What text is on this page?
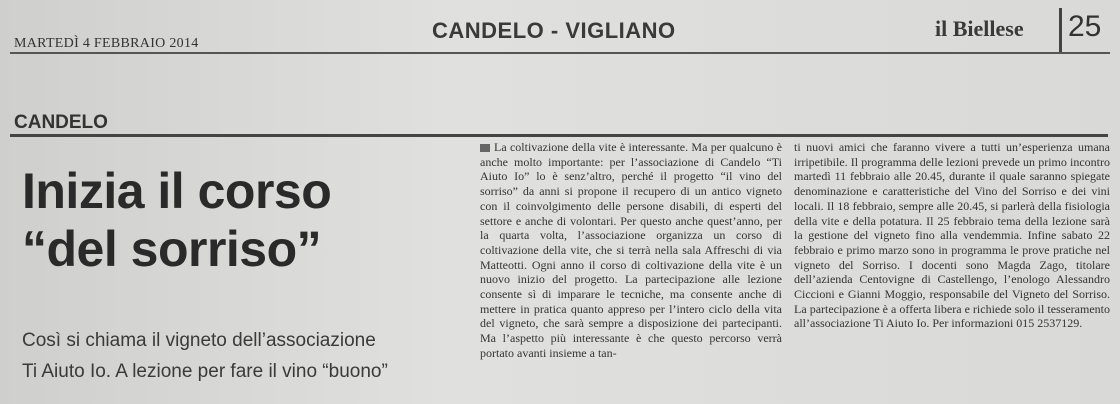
MARTEDÌ 4 FEBBRAIO 2014
CANDELO - VIGLIANO	il Biellese 25
CANDELO
Inizia il corso
“del sorriso”
Così si chiama il vigneto dell’associazione
Ti Aiuto Io. A lezione per fare il vino “buono”
La coltivazione della vite è interessante. Ma per qualcuno è anche molto importante: per l’associazione di Candelo “Ti Aiuto Io” lo è senz’altro, perché il progetto “il vino del sorriso” da anni si propone il recupero di un antico vigneto con il coinvolgimento delle persone disabili, di esperti del settore e anche di volontari. Per questo anche quest’anno, per la quarta volta, l’associazione organizza un corso di coltivazione della vite, che si terrà nella sala Affreschi di via Matteotti. Ogni anno il corso di coltivazione della vite è un nuovo inizio del progetto. La partecipazione alle lezione consente sì di imparare le tecniche, ma consente anche di mettere in pratica quanto appreso per l’intero ciclo della vita del vigneto, che sarà sempre a disposizione dei partecipanti. Ma l’aspetto più interessante è che questo percorso verrà portato avanti insieme a tan-
ti nuovi amici che faranno vivere a tutti un’esperienza umana irripetibile. Il programma delle lezioni prevede un primo incontro martedì 11 febbraio alle 20.45, durante il quale saranno spiegate denominazione e caratteristiche del Vino del Sorriso e dei vini locali. Il 18 febbraio, sempre alle 20.45, si parlerà della fisiologia della vite e della potatura. Il 25 febbraio tema della lezione sarà la gestione del vigneto fino alla vendemmia. Infine sabato 22 febbraio e primo marzo sono in programma le prove pratiche nel vigneto del Sorriso. I docenti sono Magda Zago, titolare dell’azienda Centovigne di Castellengo, l’enologo Alessandro Ciccioni e Gianni Moggio, responsabile del Vigneto del Sorriso. La partecipazione è a offerta libera e richiede solo il tesseramento all’associazione Ti Aiuto Io. Per informazioni 015 2537129.
